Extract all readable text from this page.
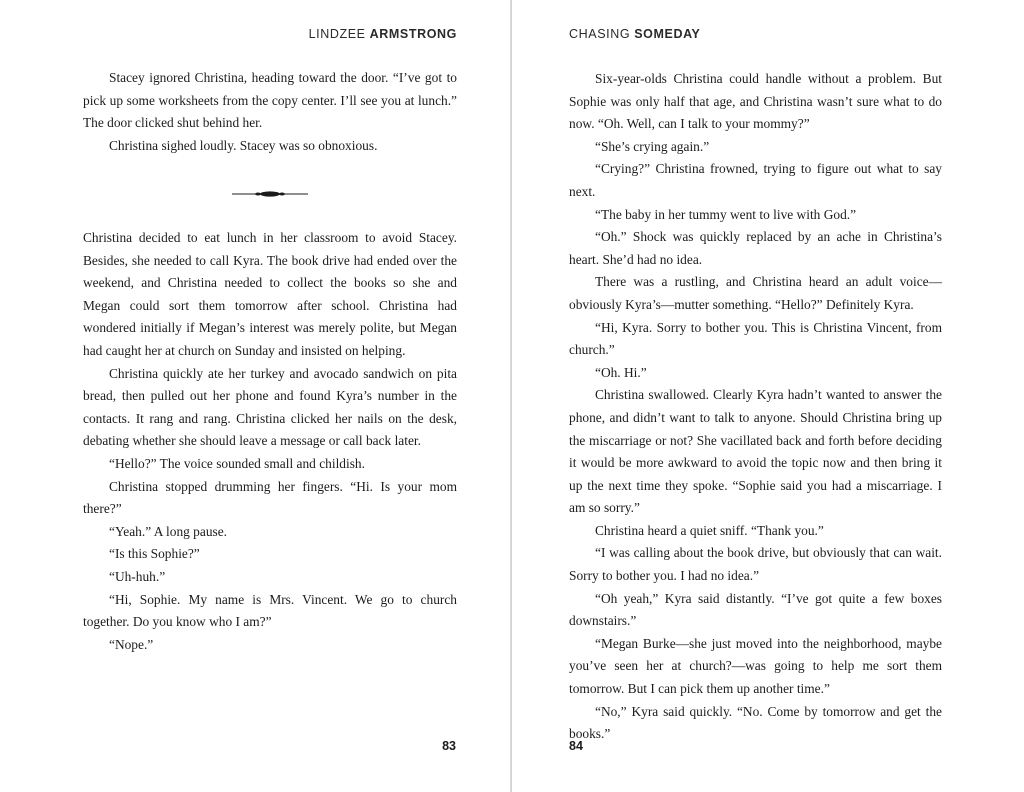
LINDZEE ARMSTRONG

Stacey ignored Christina, heading toward the door. “I’ve got to pick up some worksheets from the copy center. I’ll see you at lunch.” The door clicked shut behind her.

Christina sighed loudly. Stacey was so obnoxious.

Christina decided to eat lunch in her classroom to avoid Stacey. Besides, she needed to call Kyra. The book drive had ended over the weekend, and Christina needed to collect the books so she and Megan could sort them tomorrow after school. Christina had wondered initially if Megan’s interest was merely polite, but Megan had caught her at church on Sunday and insisted on helping.

Christina quickly ate her turkey and avocado sandwich on pita bread, then pulled out her phone and found Kyra’s number in the contacts. It rang and rang. Christina clicked her nails on the desk, debating whether she should leave a message or call back later.

“Hello?” The voice sounded small and childish.

Christina stopped drumming her fingers. “Hi. Is your mom there?”

“Yeah.” A long pause.

“Is this Sophie?”

“Uh-huh.”

“Hi, Sophie. My name is Mrs. Vincent. We go to church together. Do you know who I am?”

“Nope.”

83
CHASING SOMEDAY
84

Six-year-olds Christina could handle without a problem. But Sophie was only half that age, and Christina wasn’t sure what to do now. “Oh. Well, can I talk to your mommy?”

“She’s crying again.”

“Crying?” Christina frowned, trying to figure out what to say next.

“The baby in her tummy went to live with God.”

“Oh.” Shock was quickly replaced by an ache in Christina’s heart. She’d had no idea.

There was a rustling, and Christina heard an adult voice—obviously Kyra’s—mutter something. “Hello?” Definitely Kyra.

“Hi, Kyra. Sorry to bother you. This is Christina Vincent, from church.”

“Oh. Hi.”

Christina swallowed. Clearly Kyra hadn’t wanted to answer the phone, and didn’t want to talk to anyone. Should Christina bring up the miscarriage or not? She vacillated back and forth before deciding it would be more awkward to avoid the topic now and then bring it up the next time they spoke. “Sophie said you had a miscarriage. I am so sorry.”

Christina heard a quiet sniff. “Thank you.”

“I was calling about the book drive, but obviously that can wait. Sorry to bother you. I had no idea.”

“Oh yeah,” Kyra said distantly. “I’ve got quite a few boxes downstairs.”

“Megan Burke—she just moved into the neighborhood, maybe you’ve seen her at church?—was going to help me sort them tomorrow. But I can pick them up another time.”

“No,” Kyra said quickly. “No. Come by tomorrow and get the books.”
